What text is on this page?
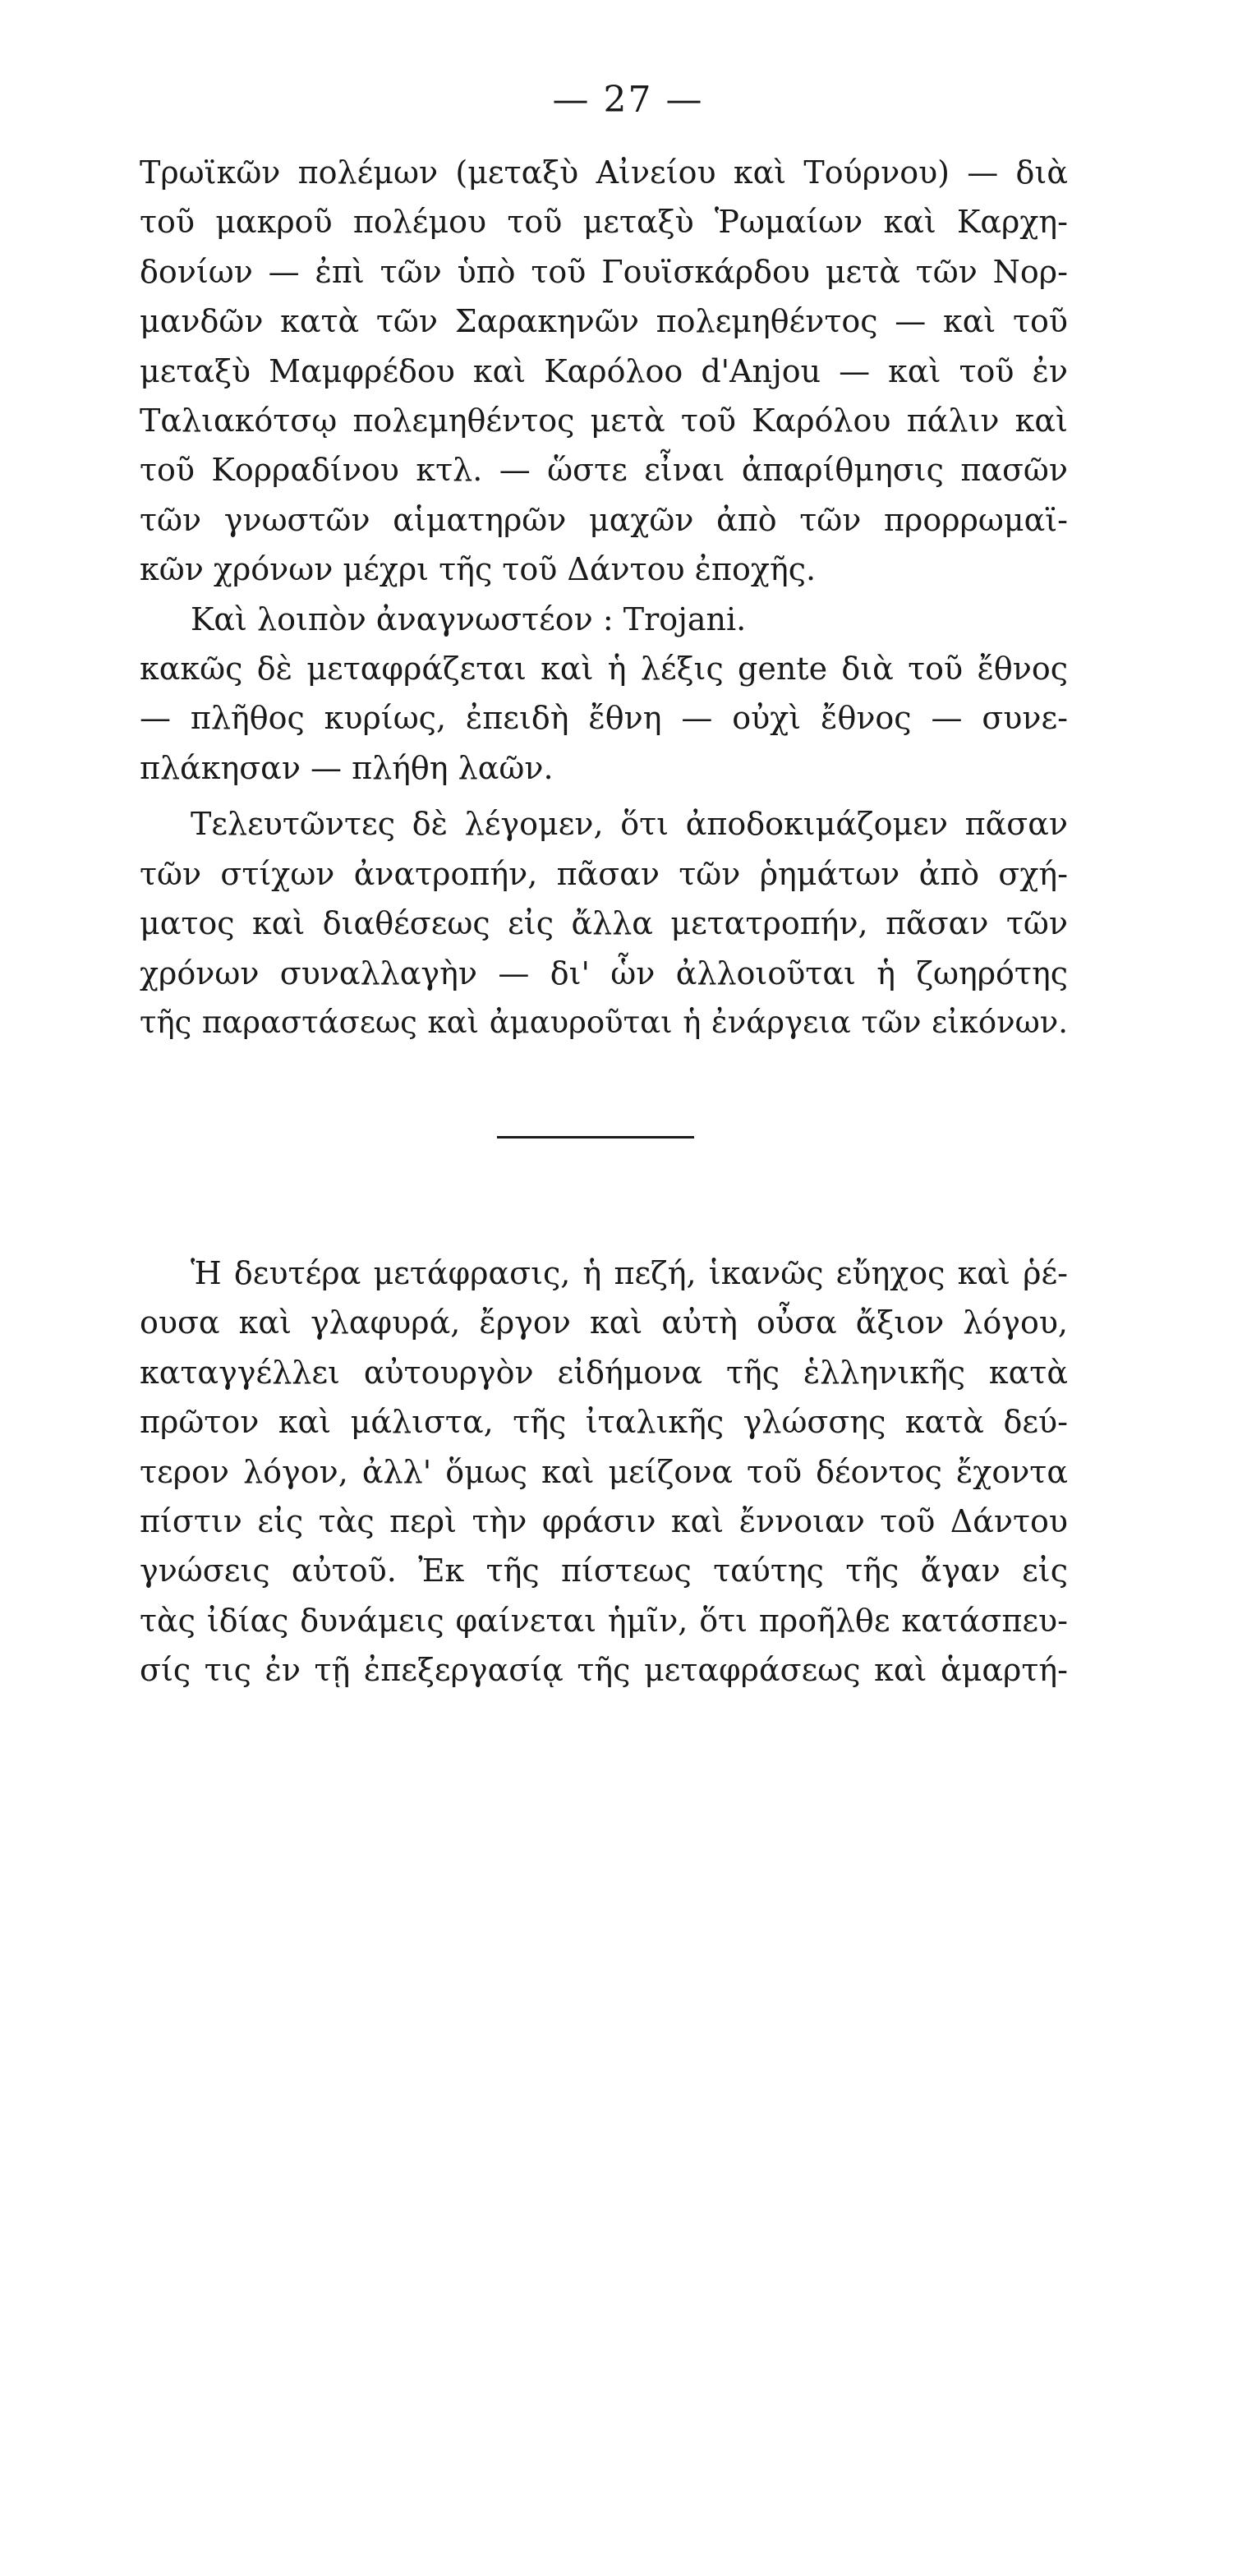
— 27 —
Τρωϊκῶν πολέμων (μεταξὺ Αἰνείου καὶ Τούρνου) — διὰ
τοῦ μακροῦ πολέμου τοῦ μεταξὺ Ῥωμαίων καὶ Καρχη-
δονίων — ἐπὶ τῶν ὑπὸ τοῦ Γουϊσκάρδου μετὰ τῶν Νορ-
μανδῶν κατὰ τῶν Σαρακηνῶν πολεμηθέντος — καὶ τοῦ
μεταξὺ Μαμφρέδου καὶ Καρόλοο d'Anjou — καὶ τοῦ ἐν
Ταλιακότσῳ πολεμηθέντος μετὰ τοῦ Καρόλου πάλιν καὶ
τοῦ Κορραδίνου κτλ. — ὥστε εἶναι ἀπαρίθμησις πασῶν
τῶν γνωστῶν αἱματηρῶν μαχῶν ἀπὸ τῶν προρρωμαϊ-
κῶν χρόνων μέχρι τῆς τοῦ Δάντου ἐποχῆς.
Καὶ λοιπὸν ἀναγνωστέον : Trojani.
κακῶς δὲ μεταφράζεται καὶ ἡ λέξις gente διὰ τοῦ ἔθνος
— πλῆθος κυρίως, ἐπειδὴ ἔθνη — οὐχὶ ἔθνος — συνε-
πλάκησαν — πλήθη λαῶν.
Τελευτῶντες δὲ λέγομεν, ὅτι ἀποδοκιμάζομεν πᾶσαν
τῶν στίχων ἀνατροπήν, πᾶσαν τῶν ῥημάτων ἀπὸ σχή-
ματος καὶ διαθέσεως εἰς ἄλλα μετατροπήν, πᾶσαν τῶν
χρόνων συναλλαγὴν — δι' ὧν ἀλλοιοῦται ἡ ζωηρότης
τῆς παραστάσεως καὶ ἀμαυροῦται ἡ ἐνάργεια τῶν εἰκόνων.
Ἡ δευτέρα μετάφρασις, ἡ πεζή, ἱκανῶς εὔηχος καὶ ῥέ-
ουσα καὶ γλαφυρά, ἔργον καὶ αὐτὴ οὖσα ἄξιον λόγου,
καταγγέλλει αὐτουργὸν εἰδήμονα τῆς ἑλληνικῆς κατὰ
πρῶτον καὶ μάλιστα, τῆς ἰταλικῆς γλώσσης κατὰ δεύ-
τερον λόγον, ἀλλ' ὅμως καὶ μείζονα τοῦ δέοντος ἔχοντα
πίστιν εἰς τὰς περὶ τὴν φράσιν καὶ ἔννοιαν τοῦ Δάντου
γνώσεις αὐτοῦ. Ἐκ τῆς πίστεως ταύτης τῆς ἄγαν εἰς
τὰς ἰδίας δυνάμεις φαίνεται ἡμῖν, ὅτι προῆλθε κατάσπευ-
σίς τις ἐν τῇ ἐπεξεργασίᾳ τῆς μεταφράσεως καὶ ἁμαρτή-
